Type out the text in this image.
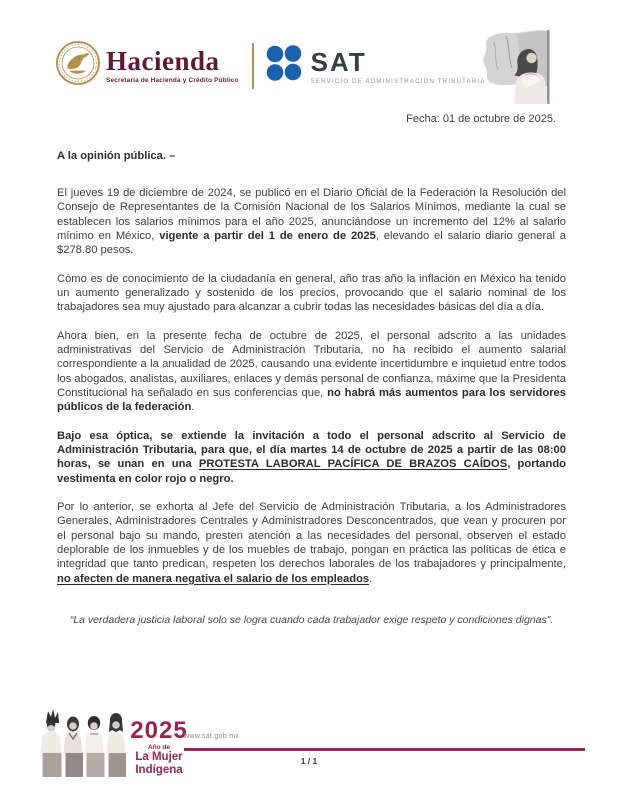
Hacienda
Secretaría de Hacienda y Crédito Público
SAT
SERVICIO DE ADMINISTRACIÓN TRIBUTARIA
Fecha: 01 de octubre de 2025.
A la opinión pública. –

El jueves 19 de diciembre de 2024, se publicó en el Diario Oficial de la Federación la Resolución del Consejo de Representantes de la Comisión Nacional de los Salarios Mínimos, mediante la cual se establecen los salarios mínimos para el año 2025, anunciándose un incremento del 12% al salario mínimo en México, vigente a partir del 1 de enero de 2025, elevando el salario diario general a $278.80 pesos.

Cómo es de conocimiento de la ciudadanía en general, año tras año la inflación en México ha tenido un aumento generalizado y sostenido de los precios, provocando que el salario nominal de los trabajadores sea muy ajustado para alcanzar a cubrir todas las necesidades básicas del día a día.

Ahora bien, en la presente fecha de octubre de 2025, el personal adscrito a las unidades administrativas del Servicio de Administración Tributaria, no ha recibido el aumento salarial correspondiente a la anualidad de 2025, causando una evidente incertidumbre e inquietud entre todos los abogados, analistas, auxiliares, enlaces y demás personal de confianza, máxime que la Presidenta Constitucional ha señalado en sus conferencias que, no habrá más aumentos para los servidores públicos de la federación.

Bajo esa óptica, se extiende la invitación a todo el personal adscrito al Servicio de Administración Tributaria, para que, el día martes 14 de octubre de 2025 a partir de las 08:00 horas, se unan en una PROTESTA LABORAL PACÍFICA DE BRAZOS CAÍDOS, portando vestimenta en color rojo o negro.

Por lo anterior, se exhorta al Jefe del Servicio de Administración Tributaria, a los Administradores Generales, Administradores Centrales y Administradores Desconcentrados, que vean y procuren por el personal bajo su mando, presten atención a las necesidades del personal, observen el estado deplorable de los inmuebles y de los muebles de trabajo, pongan en práctica las políticas de ética e integridad que tanto predican, respeten los derechos laborales de los trabajadores y principalmente, no afecten de manera negativa el salario de los empleados.

“La verdadera justicia laboral solo se logra cuando cada trabajador exige respeto y condiciones dignas”.
2025
Año de
La Mujer
Indígena
www.sat.gob.mx
1 / 1
